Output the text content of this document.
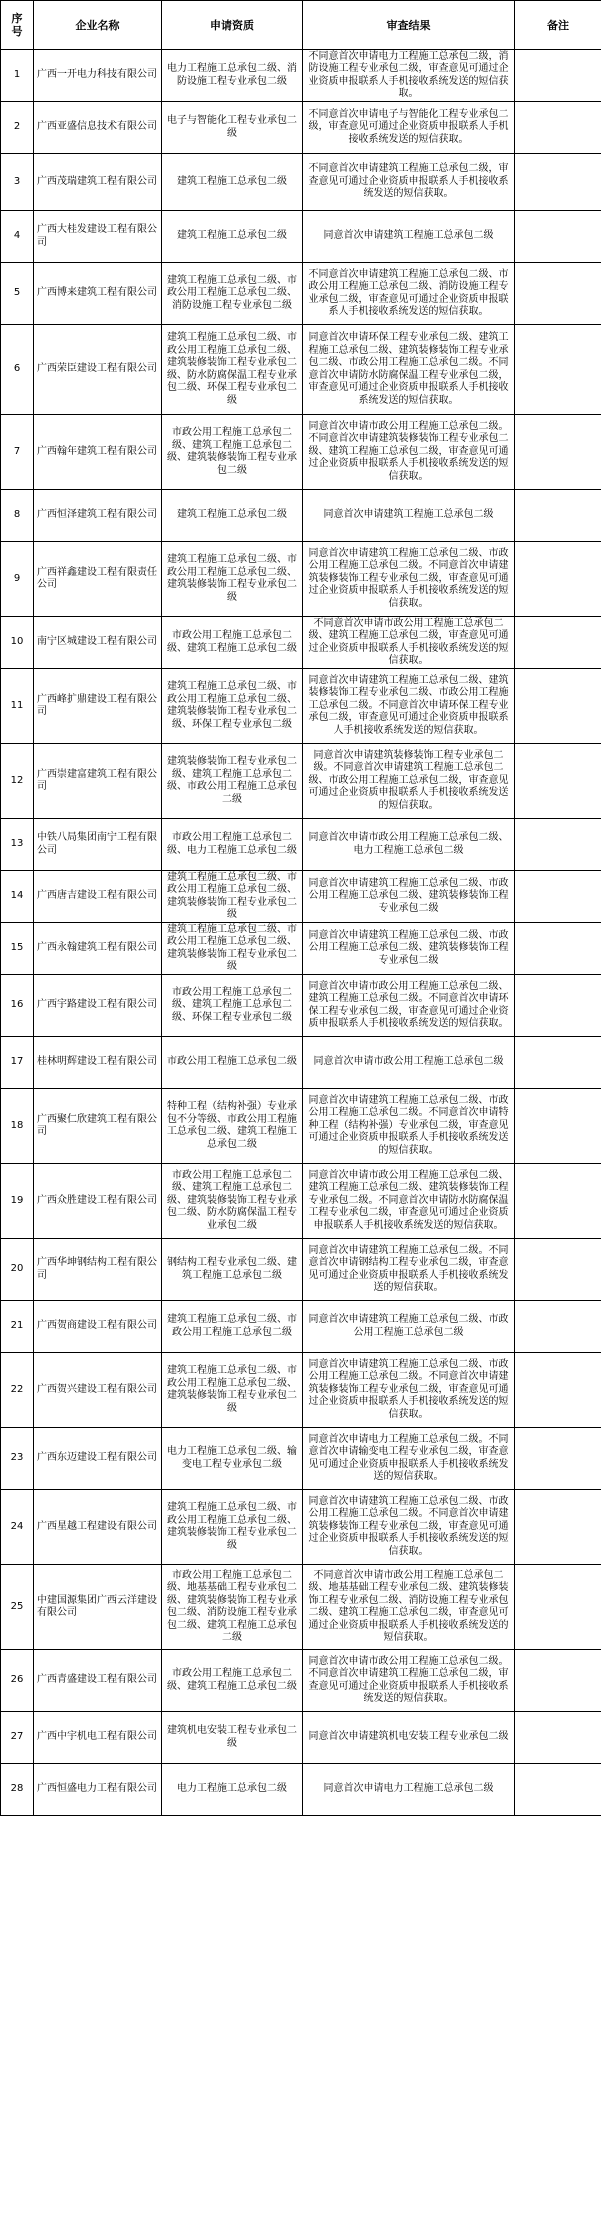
序
号	企业名称	申请资质	审查结果	备注
1	广西一开电力科技有限公司	电力工程施工总承包二级、消防设施工程专业承包二级	不同意首次申请电力工程施工总承包二级，消防设施工程专业承包二级，审查意见可通过企业资质申报联系人手机接收系统发送的短信获取。	
2	广西亚盛信息技术有限公司	电子与智能化工程专业承包二级	不同意首次申请电子与智能化工程专业承包二级，审查意见可通过企业资质申报联系人手机接收系统发送的短信获取。	
3	广西茂瑞建筑工程有限公司	建筑工程施工总承包二级	不同意首次申请建筑工程施工总承包二级，审查意见可通过企业资质申报联系人手机接收系统发送的短信获取。	
4	广西大桂发建设工程有限公司	建筑工程施工总承包二级	同意首次申请建筑工程施工总承包二级	
5	广西博来建筑工程有限公司	建筑工程施工总承包二级、市政公用工程施工总承包二级、消防设施工程专业承包二级	不同意首次申请建筑工程施工总承包二级、市政公用工程施工总承包二级、消防设施工程专业承包二级，审查意见可通过企业资质申报联系人手机接收系统发送的短信获取。	
6	广西荣臣建设工程有限公司	建筑工程施工总承包二级、市政公用工程施工总承包二级、建筑装修装饰工程专业承包二级、防水防腐保温工程专业承包二级、环保工程专业承包二级	同意首次申请环保工程专业承包二级、建筑工程施工总承包二级、建筑装修装饰工程专业承包二级、市政公用工程施工总承包二级。不同意首次申请防水防腐保温工程专业承包二级，审查意见可通过企业资质申报联系人手机接收系统发送的短信获取。	
7	广西翰年建筑工程有限公司	市政公用工程施工总承包二级、建筑工程施工总承包二级、建筑装修装饰工程专业承包二级	同意首次申请市政公用工程施工总承包二级。不同意首次申请建筑装修装饰工程专业承包二级、建筑工程施工总承包二级，审查意见可通过企业资质申报联系人手机接收系统发送的短信获取。	
8	广西恒泽建筑工程有限公司	建筑工程施工总承包二级	同意首次申请建筑工程施工总承包二级	
9	广西祥鑫建设工程有限责任公司	建筑工程施工总承包二级、市政公用工程施工总承包二级、建筑装修装饰工程专业承包二级	同意首次申请建筑工程施工总承包二级、市政公用工程施工总承包二级。不同意首次申请建筑装修装饰工程专业承包二级，审查意见可通过企业资质申报联系人手机接收系统发送的短信获取。	
10	南宁区城建设工程有限公司	市政公用工程施工总承包二级、建筑工程施工总承包二级	不同意首次申请市政公用工程施工总承包二级、建筑工程施工总承包二级，审查意见可通过企业资质申报联系人手机接收系统发送的短信获取。	
11	广西峰扩鼎建设工程有限公司	建筑工程施工总承包二级、市政公用工程施工总承包二级、建筑装修装饰工程专业承包二级、环保工程专业承包二级	同意首次申请建筑工程施工总承包二级、建筑装修装饰工程专业承包二级、市政公用工程施工总承包二级。不同意首次申请环保工程专业承包二级，审查意见可通过企业资质申报联系人手机接收系统发送的短信获取。	
12	广西崇建富建筑工程有限公司	建筑装修装饰工程专业承包二级、建筑工程施工总承包二级、市政公用工程施工总承包二级	同意首次申请建筑装修装饰工程专业承包二级。不同意首次申请建筑工程施工总承包二级、市政公用工程施工总承包二级，审查意见可通过企业资质申报联系人手机接收系统发送的短信获取。	
13	中铁八局集团南宁工程有限公司	市政公用工程施工总承包二级、电力工程施工总承包二级	同意首次申请市政公用工程施工总承包二级、电力工程施工总承包二级	
14	广西唐吉建设工程有限公司	建筑工程施工总承包二级、市政公用工程施工总承包二级、建筑装修装饰工程专业承包二级	同意首次申请建筑工程施工总承包二级、市政公用工程施工总承包二级、建筑装修装饰工程专业承包二级	
15	广西永翰建筑工程有限公司	建筑工程施工总承包二级、市政公用工程施工总承包二级、建筑装修装饰工程专业承包二级	同意首次申请建筑工程施工总承包二级、市政公用工程施工总承包二级、建筑装修装饰工程专业承包二级	
16	广西宇路建设工程有限公司	市政公用工程施工总承包二级、建筑工程施工总承包二级、环保工程专业承包二级	同意首次申请市政公用工程施工总承包二级、建筑工程施工总承包二级。不同意首次申请环保工程专业承包二级，审查意见可通过企业资质申报联系人手机接收系统发送的短信获取。	
17	桂林明辉建设工程有限公司	市政公用工程施工总承包二级	同意首次申请市政公用工程施工总承包二级	
18	广西聚仁欣建筑工程有限公司	特种工程（结构补强）专业承包不分等级、市政公用工程施工总承包二级、建筑工程施工总承包二级	同意首次申请建筑工程施工总承包二级、市政公用工程施工总承包二级。不同意首次申请特种工程（结构补强）专业承包二级，审查意见可通过企业资质申报联系人手机接收系统发送的短信获取。	
19	广西众胜建设工程有限公司	市政公用工程施工总承包二级、建筑工程施工总承包二级、建筑装修装饰工程专业承包二级、防水防腐保温工程专业承包二级	同意首次申请市政公用工程施工总承包二级、建筑工程施工总承包二级、建筑装修装饰工程专业承包二级。不同意首次申请防水防腐保温工程专业承包二级，审查意见可通过企业资质申报联系人手机接收系统发送的短信获取。	
20	广西华坤钢结构工程有限公司	钢结构工程专业承包二级、建筑工程施工总承包二级	同意首次申请建筑工程施工总承包二级。不同意首次申请钢结构工程专业承包二级，审查意见可通过企业资质申报联系人手机接收系统发送的短信获取。	
21	广西贺商建设工程有限公司	建筑工程施工总承包二级、市政公用工程施工总承包二级	同意首次申请建筑工程施工总承包二级、市政公用工程施工总承包二级	
22	广西贺兴建设工程有限公司	建筑工程施工总承包二级、市政公用工程施工总承包二级、建筑装修装饰工程专业承包二级	同意首次申请建筑工程施工总承包二级、市政公用工程施工总承包二级。不同意首次申请建筑装修装饰工程专业承包二级，审查意见可通过企业资质申报联系人手机接收系统发送的短信获取。	
23	广西东迈建设工程有限公司	电力工程施工总承包二级、输变电工程专业承包二级	同意首次申请电力工程施工总承包二级。不同意首次申请输变电工程专业承包二级，审查意见可通过企业资质申报联系人手机接收系统发送的短信获取。	
24	广西星越工程建设有限公司	建筑工程施工总承包二级、市政公用工程施工总承包二级、建筑装修装饰工程专业承包二级	同意首次申请建筑工程施工总承包二级、市政公用工程施工总承包二级。不同意首次申请建筑装修装饰工程专业承包二级，审查意见可通过企业资质申报联系人手机接收系统发送的短信获取。	
25	中建国源集团广西云洋建设有限公司	市政公用工程施工总承包二级、地基基础工程专业承包二级、建筑装修装饰工程专业承包二级、消防设施工程专业承包二级、建筑工程施工总承包二级	不同意首次申请市政公用工程施工总承包二级、地基基础工程专业承包二级、建筑装修装饰工程专业承包二级、消防设施工程专业承包二级、建筑工程施工总承包二级，审查意见可通过企业资质申报联系人手机接收系统发送的短信获取。	
26	广西青盛建设工程有限公司	市政公用工程施工总承包二级、建筑工程施工总承包二级	同意首次申请市政公用工程施工总承包二级。不同意首次申请建筑工程施工总承包二级，审查意见可通过企业资质申报联系人手机接收系统发送的短信获取。	
27	广西中宇机电工程有限公司	建筑机电安装工程专业承包二级	同意首次申请建筑机电安装工程专业承包二级	
28	广西恒盛电力工程有限公司	电力工程施工总承包二级	同意首次申请电力工程施工总承包二级	
